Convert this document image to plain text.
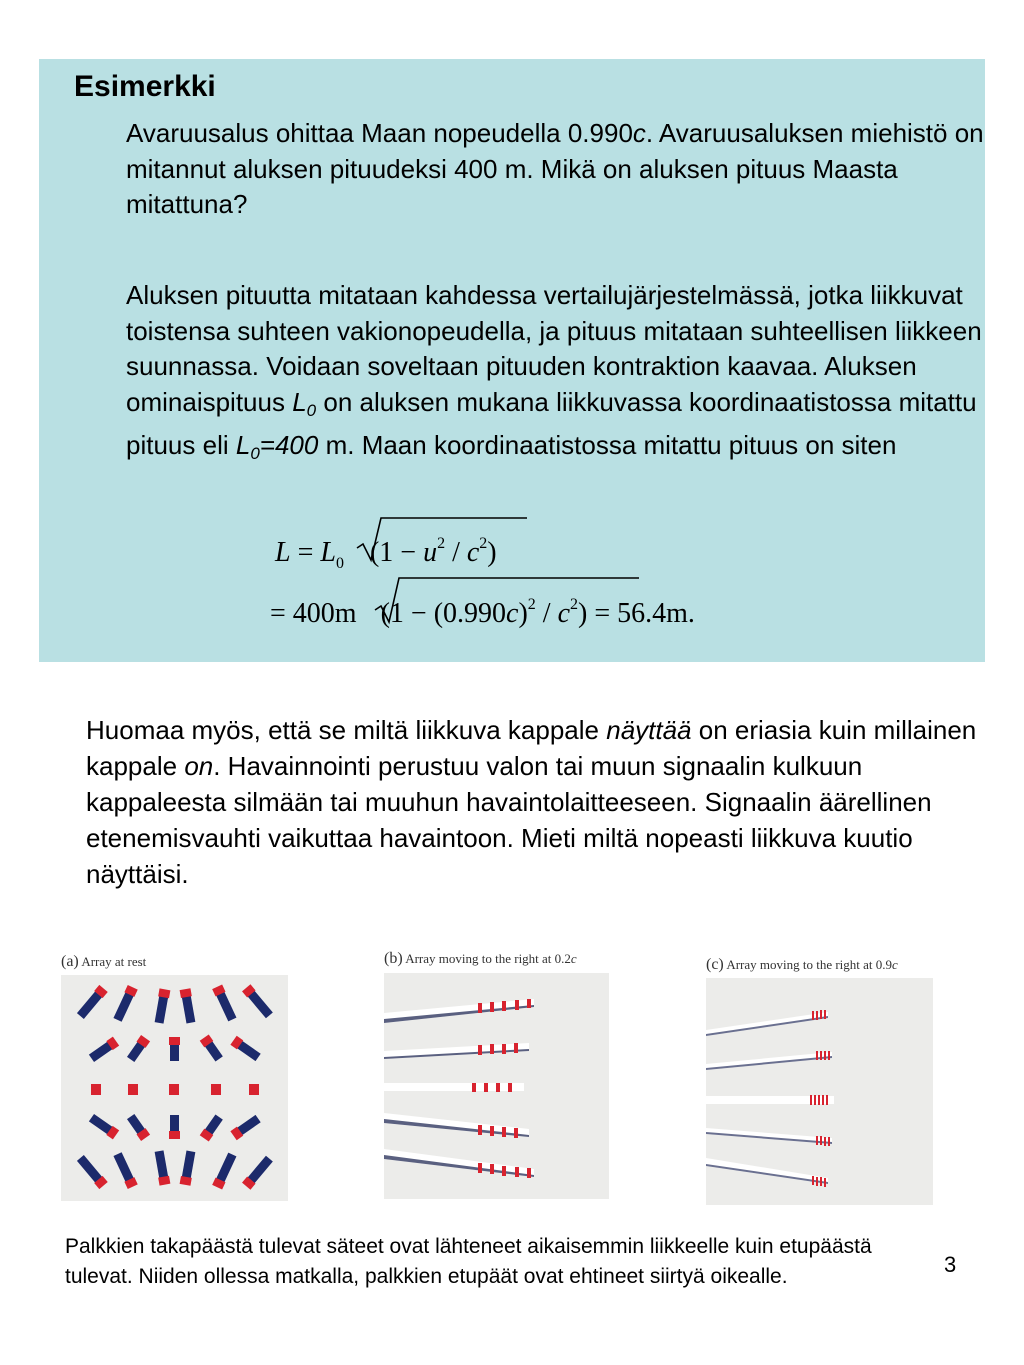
Esimerkki
Avaruusalus ohittaa Maan nopeudella 0.990c. Avaruusaluksen miehistö on mitannut aluksen pituudeksi 400 m. Mikä on aluksen pituus Maasta mitattuna?
Aluksen pituutta mitataan kahdessa vertailujärjestelmässä, jotka liikkuvat toistensa suhteen vakionopeudella, ja pituus mitataan suhteellisen liikkeen suunnassa. Voidaan soveltaan pituuden kontraktion kaavaa. Aluksen ominaispituus $L_0$ on aluksen mukana liikkuvassa koordinaatistossa mitattu pituus eli $L_0=400$ m. Maan koordinaatistossa mitattu pituus on siten
$L = L_0$ $(1 - u^2 / c^2)$
= 400m $(1 - (0.990c)^2 / c^2) = 56.4m$.
Huomaa myös, että se miltä liikkuva kappale näyttää on eriasia kuin millainen kappale on. Havainnointi perustuu valon tai muun signaalin kulkuun kappaleesta silmään tai muuhun havaintolaitteeseen. Signaalin äärellinen etenemisvauhti vaikuttaa havaintoon. Mieti miltä nopeasti liikkuva kuutio näyttäisi.
(a) Array at rest	(b) Array moving to the right at 0.2c	(c) Array moving to the right at 0.9c
Palkkien takapäästä tulevat säteet ovat lähteneet aikaisemmin liikkeelle kuin etupäästä tulevat. Niiden ollessa matkalla, palkkien etupäät ovat ehtineet siirtyä oikealle.	3
